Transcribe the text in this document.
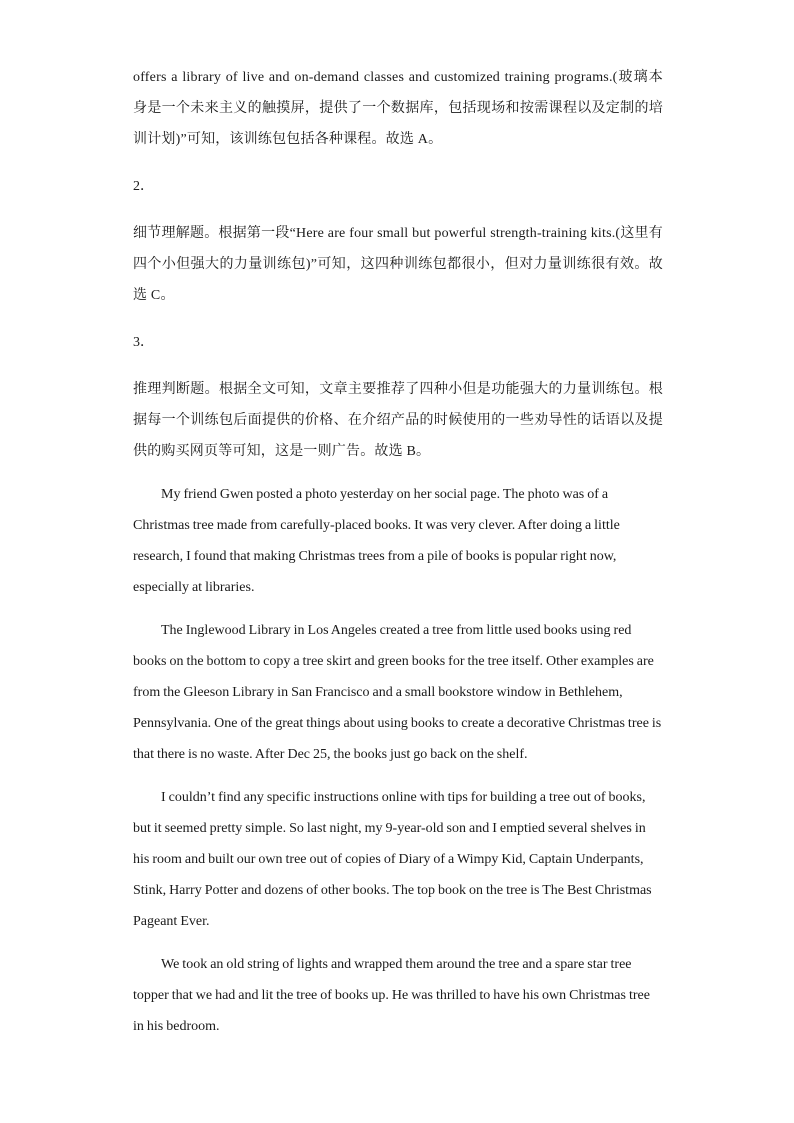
offers a library of live and on-demand classes and customized training programs.(玻璃本身是一个未来主义的触摸屏，提供了一个数据库，包括现场和按需课程以及定制的培训计划)”可知，该训练包包括各种课程。故选 A。

2．

细节理解题。根据第一段“Here are four small but powerful strength-training kits.(这里有四个小但强大的力量训练包)”可知，这四种训练包都很小，但对力量训练很有效。故选 C。

3．

推理判断题。根据全文可知，文章主要推荐了四种小但是功能强大的力量训练包。根据每一个训练包后面提供的价格、在介绍产品的时候使用的一些劝导性的话语以及提供的购买网页等可知，这是一则广告。故选 B。

My friend Gwen posted a photo yesterday on her social page. The photo was of a Christmas tree made from carefully-placed books. It was very clever. After doing a little research, I found that making Christmas trees from a pile of books is popular right now, especially at libraries.

The Inglewood Library in Los Angeles created a tree from little used books using red books on the bottom to copy a tree skirt and green books for the tree itself. Other examples are from the Gleeson Library in San Francisco and a small bookstore window in Bethlehem, Pennsylvania. One of the great things about using books to create a decorative Christmas tree is that there is no waste. After Dec 25, the books just go back on the shelf.

I couldn’t find any specific instructions online with tips for building a tree out of books, but it seemed pretty simple. So last night, my 9-year-old son and I emptied several shelves in his room and built our own tree out of copies of Diary of a Wimpy Kid, Captain Underpants, Stink, Harry Potter and dozens of other books. The top book on the tree is The Best Christmas Pageant Ever.

We took an old string of lights and wrapped them around the tree and a spare star tree topper that we had and lit the tree of books up. He was thrilled to have his own Christmas tree in his bedroom.
